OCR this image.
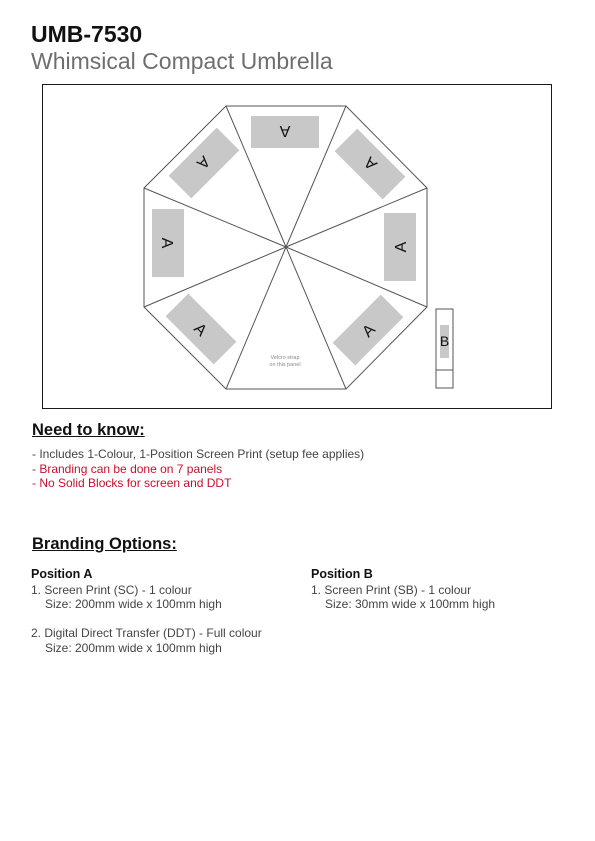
UMB-7530
Whimsical Compact Umbrella
A
A
A
A
A
A
A
Velcro strap
on this panel
B
Need to know:
- Includes 1-Colour, 1-Position Screen Print (setup fee applies)
- Branding can be done on 7 panels
- No Solid Blocks for screen and DDT
Branding Options:
Position A
1. Screen Print (SC) - 1 colour
Size: 200mm wide x 100mm high
2. Digital Direct Transfer (DDT) - Full colour
Size: 200mm wide x 100mm high
Position B
1. Screen Print (SB) - 1 colour
Size: 30mm wide x 100mm high
